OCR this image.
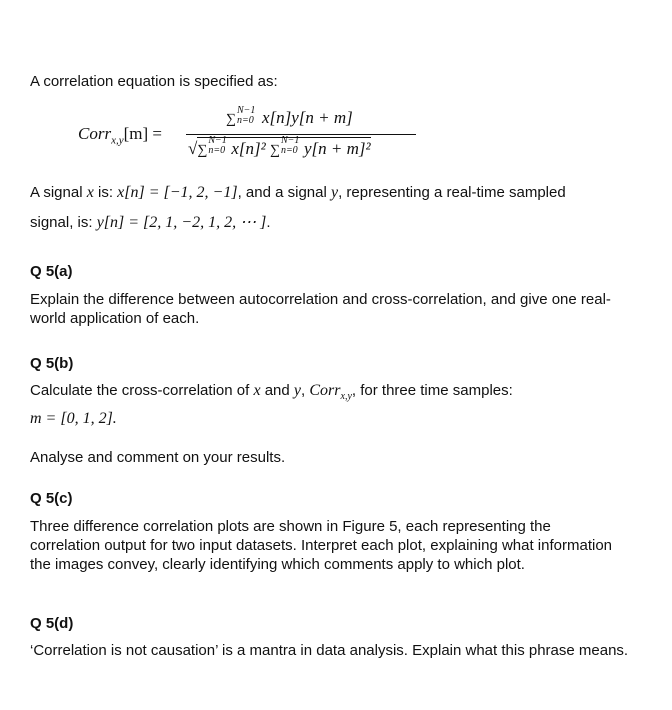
A correlation equation is specified as:
Corr$_{x,y}$[m] =
∑
N−1
n=0 x[n]y[n + m]
√∑
N−1
n=0 x[n]² ∑
N−1
n=0 y[n + m]²
A signal x is: x[n] = [−1, 2, −1], and a signal y, representing a real-time sampled
signal, is: y[n] = [2, 1, −2, 1, 2, ⋯ ].
Q 5(a)
Explain the difference between autocorrelation and cross-correlation, and give one real-world application of each.
Q 5(b)
Calculate the cross-correlation of x and y, Corr$_{x,y}$, for three time samples:
m = [0, 1, 2].
Analyse and comment on your results.
Q 5(c)
Three difference correlation plots are shown in Figure 5, each representing the correlation output for two input datasets. Interpret each plot, explaining what information the images convey, clearly identifying which comments apply to which plot.
Q 5(d)
‘Correlation is not causation’ is a mantra in data analysis. Explain what this phrase means.
